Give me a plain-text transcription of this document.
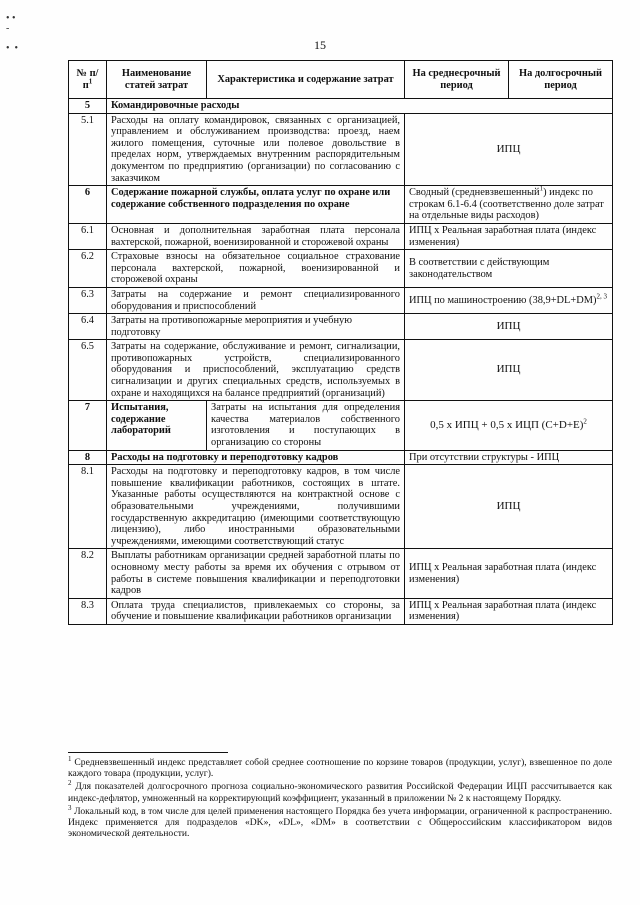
• •
-

•  •	15
№ $п/п^1$	Наименование статей затрат	Характеристика и содержание затрат	На среднесрочный период	На долгосрочный период
5	Командировочные расходы			
5.1	Расходы на оплату командировок, связанных с организацией, управлением и обслуживанием производства: проезд, наем жилого помещения, суточные или полевое довольствие в пределах норм, утверждаемых внутренним распорядительным документом по предприятию (организации) по согласованию с заказчиком		ИПЦ	
6	Содержание пожарной службы, оплата услуг по охране или содержание собственного подразделения по охране		Сводный (средневзвешенный$^1$) индекс по строкам 6.1-6.4 (соответственно доле затрат на отдельные виды расходов)	
6.1	Основная и дополнительная заработная плата персонала вахтерской, пожарной, военизированной и сторожевой охраны		ИПЦ x Реальная заработная плата (индекс изменения)	
6.2	Страховые взносы на обязательное социальное страхование персонала вахтерской, пожарной, военизированной и сторожевой охраны		В соответствии с действующим законодательством	
6.3	Затраты на содержание и ремонт специализированного оборудования и приспособлений		ИПЦ по машиностроению $(38,9+DL+DM)^{2, 3}$
6.4	Затраты на противопожарные мероприятия и учебную подготовку		ИПЦ	
6.5	Затраты на содержание, обслуживание и ремонт, сигнализации, противопожарных устройств, специализированного оборудования и приспособлений, эксплуатацию средств сигнализации и других специальных средств, используемых в охране и находящихся на балансе предприятий (организаций)		ИПЦ	
7	Испытания, содержание лабораторий	Затраты на испытания для определения качества материалов собственного изготовления и поступающих в организацию со стороны	0,5 x ИПЦ + 0,5 x ИЦП $(C+D+E)^2$
8	Расходы на подготовку и переподготовку кадров		При отсутствии структуры - ИПЦ	
8.1	Расходы на подготовку и переподготовку кадров, в том числе повышение квалификации работников, состоящих в штате. Указанные работы осуществляются на контрактной основе с образовательными учреждениями, получившими государственную аккредитацию (имеющими соответствующую лицензию), либо иностранными образовательными учреждениями, имеющими соответствующий статус		ИПЦ	
8.2	Выплаты работникам организации средней заработной платы по основному месту работы за время их обучения с отрывом от работы в системе повышения квалификации и переподготовки кадров		ИПЦ x Реальная заработная плата (индекс изменения)	
8.3	Оплата труда специалистов, привлекаемых со стороны, за обучение и повышение квалификации работников организации		ИПЦ x Реальная заработная плата (индекс изменения)	

$^1$ Средневзвешенный индекс представляет собой среднее соотношение по корзине товаров (продукции, услуг), взвешенное по доле каждого товара (продукции, услуг).

$^2$ Для показателей долгосрочного прогноза социально-экономического развития Российской Федерации ИЦП рассчитывается как индекс-дефлятор, умноженный на корректирующий коэффициент, указанный в приложении № 2 к настоящему Порядку.

$^3$ Локальный код, в том числе для целей применения настоящего Порядка без учета информации, ограниченной к распространению. Индекс применяется для подразделов «DK», «DL», «DM» в соответствии с Общероссийским классификатором видов экономической деятельности.
